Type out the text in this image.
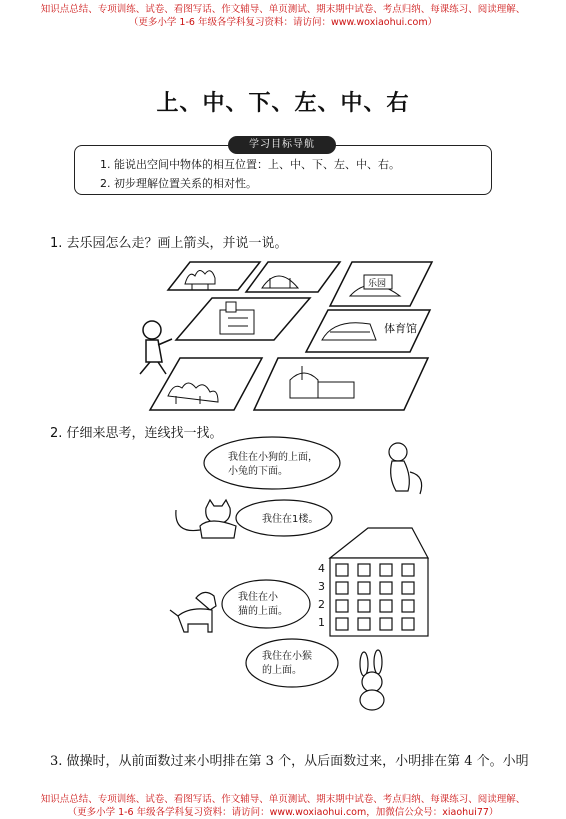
知识点总结、专项训练、试卷、看图写话、作文辅导、单页测试、期末期中试卷、考点归纳、每课练习、阅读理解、
（更多小学 1-6 年级各学科复习资料：请访问：www.woxiaohui.com）
上、中、下、左、中、右
学习目标导航
1. 能说出空间中物体的相互位置：上、中、下、左、中、右。
2. 初步理解位置关系的相对性。
1. 去乐园怎么走？画上箭头，并说一说。
乐园
体育馆
2. 仔细来思考，连线找一找。
我住在小狗的上面，
小兔的下面。
我住在1楼。
我住在小
猫的上面。
我住在小猴
的上面。
4
3
2
1
3. 做操时，从前面数过来小明排在第 3 个，从后面数过来，小明排在第 4 个。小明
知识点总结、专项训练、试卷、看图写话、作文辅导、单页测试、期末期中试卷、考点归纳、每课练习、阅读理解、
（更多小学 1-6 年级各学科复习资料：请访问：www.woxiaohui.com，加微信公众号：xiaohui77）
